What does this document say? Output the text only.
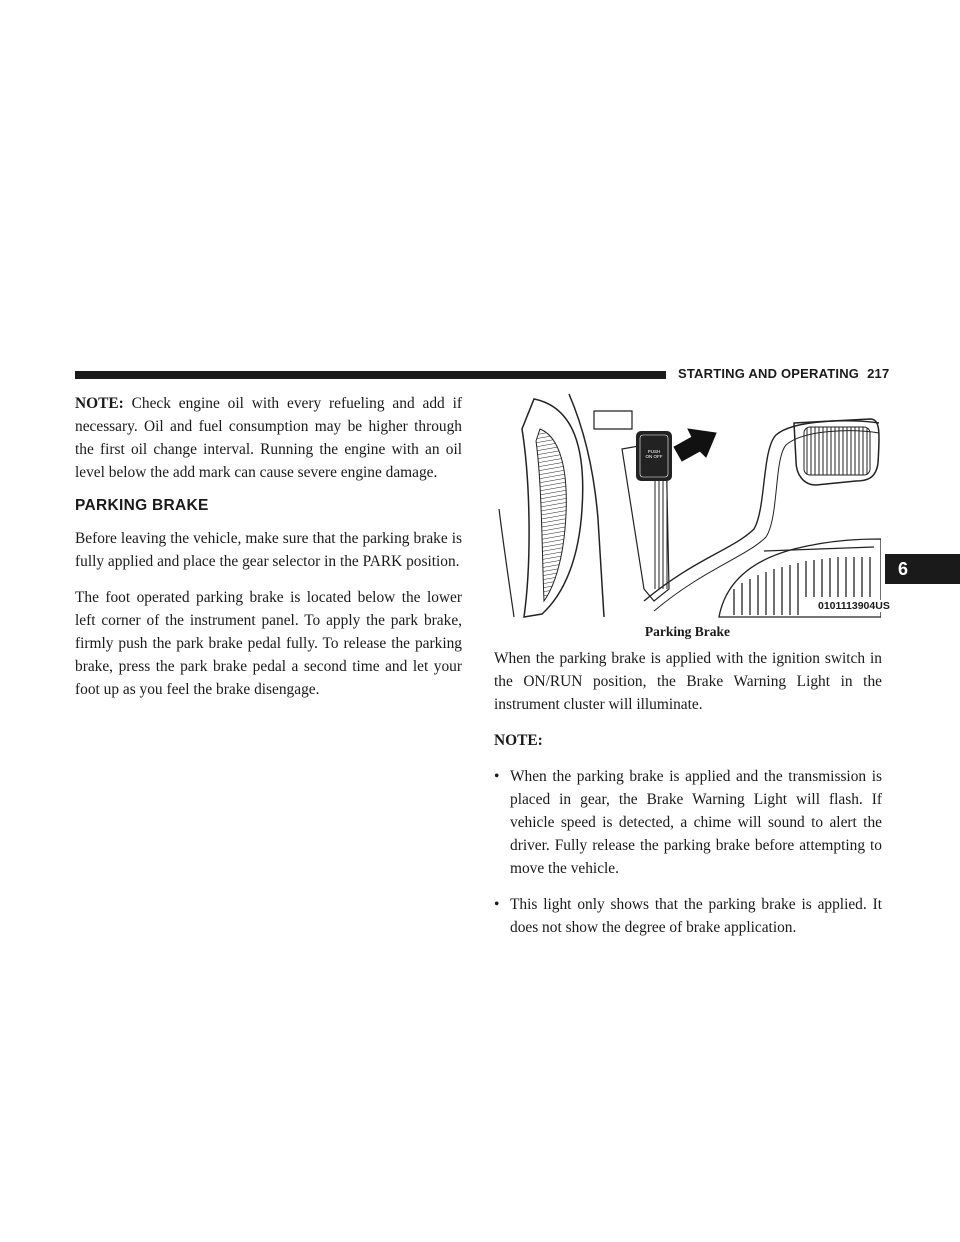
STARTING AND OPERATING 217
6

NOTE: Check engine oil with every refueling and add if necessary. Oil and fuel consumption may be higher through the first oil change interval. Running the engine with an oil level below the add mark can cause severe engine damage.

PARKING BRAKE

Before leaving the vehicle, make sure that the parking brake is fully applied and place the gear selector in the PARK position.

The foot operated parking brake is located below the lower left corner of the instrument panel. To apply the park brake, firmly push the park brake pedal fully. To release the parking brake, press the park brake pedal a second time and let your foot up as you feel the brake disengage.

PUSH
ON OFF
0101113904US
Parking Brake

When the parking brake is applied with the ignition switch in the ON/RUN position, the Brake Warning Light in the instrument cluster will illuminate.

NOTE:

• When the parking brake is applied and the transmission is placed in gear, the Brake Warning Light will flash. If vehicle speed is detected, a chime will sound to alert the driver. Fully release the parking brake before attempting to move the vehicle.
• This light only shows that the parking brake is applied. It does not show the degree of brake application.
